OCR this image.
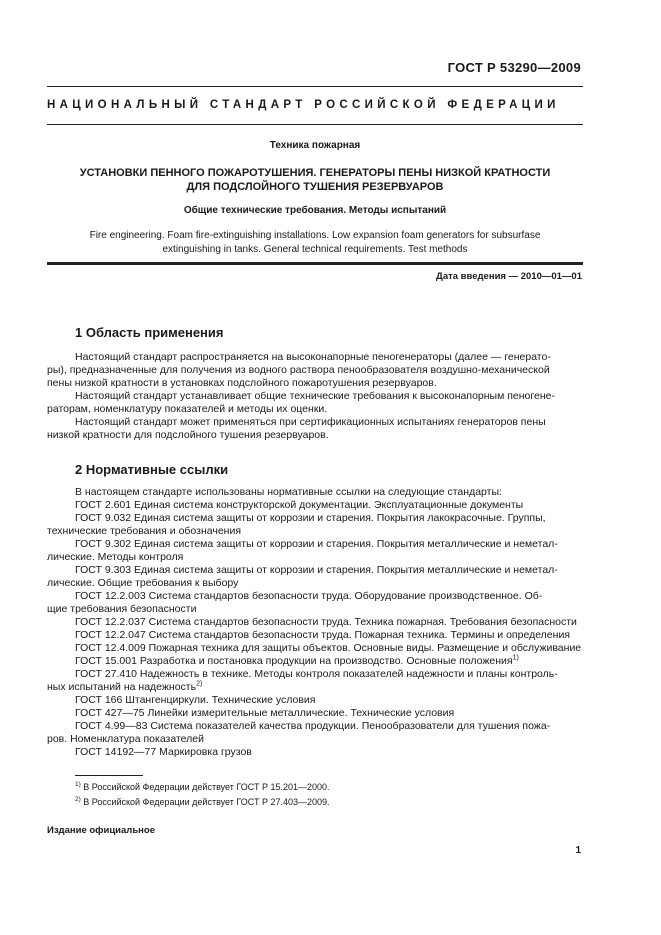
ГОСТ Р 53290—2009
НАЦИОНАЛЬНЫЙ СТАНДАРТ РОССИЙСКОЙ ФЕДЕРАЦИИ
Техника пожарная
УСТАНОВКИ ПЕННОГО ПОЖАРОТУШЕНИЯ. ГЕНЕРАТОРЫ ПЕНЫ НИЗКОЙ КРАТНОСТИ
ДЛЯ ПОДСЛОЙНОГО ТУШЕНИЯ РЕЗЕРВУАРОВ
Общие технические требования. Методы испытаний
Fire engineering. Foam fire-extinguishing installations. Low expansion foam generators for subsurfase
extinguishing in tanks. General technical requirements. Test methods
Дата введения — 2010—01—01
1 Область применения
Настоящий стандарт распространяется на высоконапорные пеногенераторы (далее — генерато-
ры), предназначенные для получения из водного раствора пенообразователя воздушно-механической
пены низкой кратности в установках подслойного пожаротушения резервуаров.
Настоящий стандарт устанавливает общие технические требования к высоконапорным пеногене-
раторам, номенклатуру показателей и методы их оценки.
Настоящий стандарт может применяться при сертификационных испытаниях генераторов пены
низкой кратности для подслойного тушения резервуаров.
2 Нормативные ссылки
В настоящем стандарте использованы нормативные ссылки на следующие стандарты:
ГОСТ 2.601 Единая система конструкторской документации. Эксплуатационные документы
ГОСТ 9.032 Единая система защиты от коррозии и старения. Покрытия лакокрасочные. Группы,
технические требования и обозначения
ГОСТ 9.302 Единая система защиты от коррозии и старения. Покрытия металлические и неметал-
лические. Методы контроля
ГОСТ 9.303 Единая система защиты от коррозии и старения. Покрытия металлические и неметал-
лические. Общие требования к выбору
ГОСТ 12.2.003 Система стандартов безопасности труда. Оборудование производственное. Об-
щие требования безопасности
ГОСТ 12.2.037 Система стандартов безопасности труда. Техника пожарная. Требования безопасности
ГОСТ 12.2.047 Система стандартов безопасности труда. Пожарная техника. Термины и определения
ГОСТ 12.4.009 Пожарная техника для защиты объектов. Основные виды. Размещение и обслуживание
ГОСТ 15.001 Разработка и постановка продукции на производство. Основные положения$^{1)}$
ГОСТ 27.410 Надежность в технике. Методы контроля показателей надежности и планы контроль-
ных испытаний на надежность$^{2)}$
ГОСТ 166 Штангенциркули. Технические условия
ГОСТ 427—75 Линейки измерительные металлические. Технические условия
ГОСТ 4.99—83 Система показателей качества продукции. Пенообразователи для тушения пожа-
ров. Номенклатура показателей
ГОСТ 14192—77 Маркировка грузов
$^{1)}$ В Российской Федерации действует ГОСТ Р 15.201—2000.
$^{2)}$ В Российской Федерации действует ГОСТ Р 27.403—2009.
Издание официальное
1
